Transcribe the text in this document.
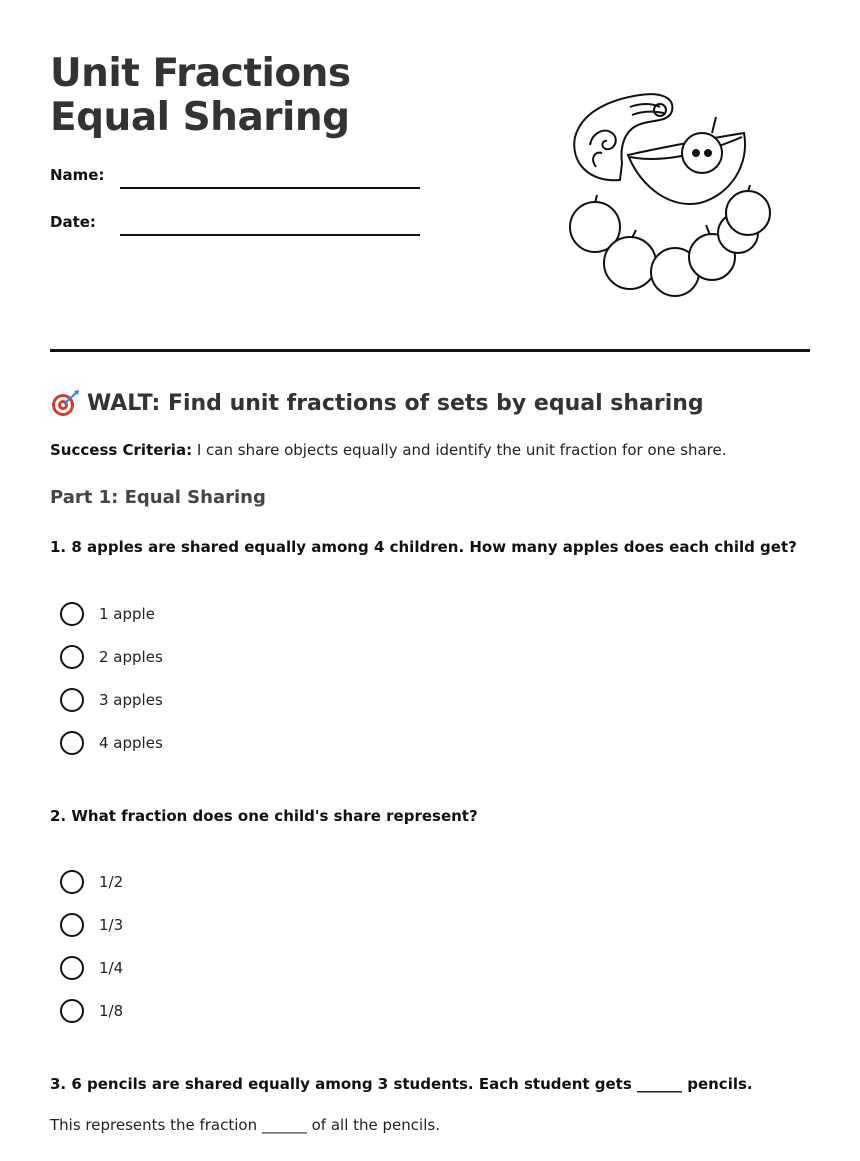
Unit Fractions Equal Sharing
Name:
Date:
WALT: Find unit fractions of sets by equal sharing
Success Criteria: I can share objects equally and identify the unit fraction for one share.
Part 1: Equal Sharing
1. 8 apples are shared equally among 4 children. How many apples does each child get?
1 apple
2 apples
3 apples
4 apples
2. What fraction does one child's share represent?
1/2
1/3
1/4
1/8
3. 6 pencils are shared equally among 3 students. Each student gets ______ pencils.
This represents the fraction ______ of all the pencils.
